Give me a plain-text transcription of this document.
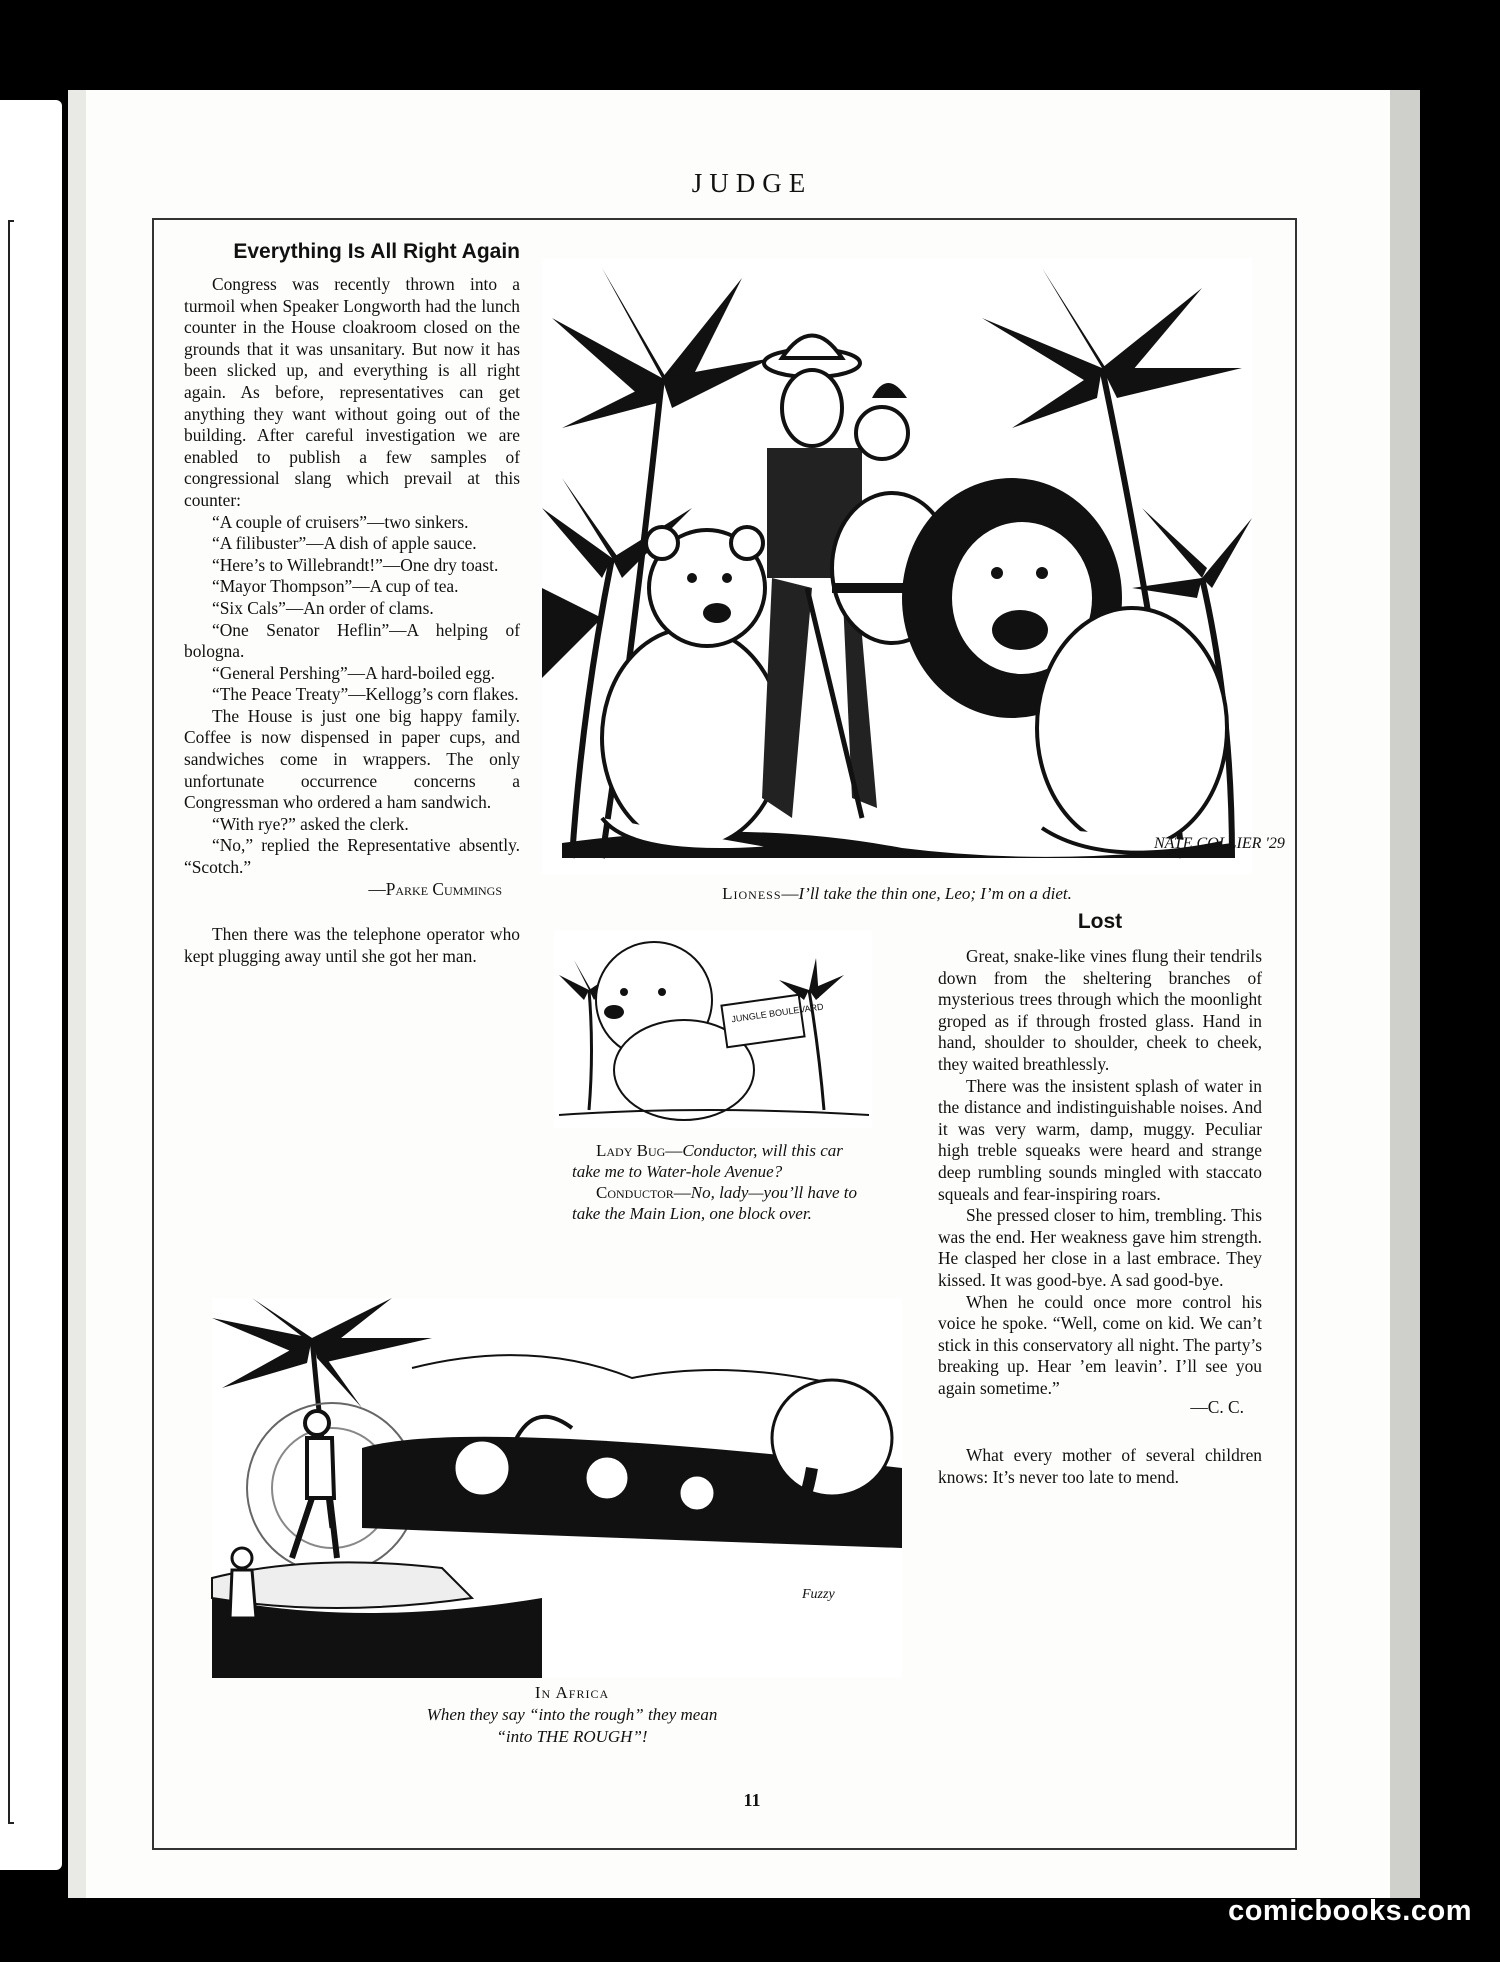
JUDGE
Everything Is All Right Again

Congress was recently thrown into a turmoil when Speaker Longworth had the lunch counter in the House cloakroom closed on the grounds that it was unsanitary. But now it has been slicked up, and everything is all right again. As before, representatives can get anything they want without going out of the building. After careful investigation we are enabled to publish a few samples of congressional slang which prevail at this counter:

“A couple of cruisers”—two sinkers.

“A filibuster”—A dish of apple sauce.

“Here’s to Willebrandt!”—One dry toast.

“Mayor Thompson”—A cup of tea.

“Six Cals”—An order of clams.

“One Senator Heflin”—A helping of bologna.

“General Pershing”—A hard-boiled egg.

“The Peace Treaty”—Kellogg’s corn flakes.

The House is just one big happy family. Coffee is now dispensed in paper cups, and sandwiches come in wrappers. The only unfortunate occurrence concerns a Congressman who ordered a ham sandwich.

“With rye?” asked the clerk.

“No,” replied the Representative absently. “Scotch.”

—Parke Cummings

Then there was the telephone operator who kept plugging away until she got her man.

NATE COLLIER '29
Lioness—I’ll take the thin one, Leo; I’m on a diet.
JUNGLE BOULEVARD

Lady Bug—Conductor, will this car take me to Water-hole Avenue?

Conductor—No, lady—you’ll have to take the Main Lion, one block over.

Lost

Great, snake-like vines flung their tendrils down from the sheltering branches of mysterious trees through which the moonlight groped as if through frosted glass. Hand in hand, shoulder to shoulder, cheek to cheek, they waited breathlessly.

There was the insistent splash of water in the distance and indistinguishable noises. And it was very warm, damp, muggy. Peculiar high treble squeaks were heard and strange deep rumbling sounds mingled with staccato squeals and fear-inspiring roars.

She pressed closer to him, trembling. This was the end. Her weakness gave him strength. He clasped her close in a last embrace. They kissed. It was good-bye. A sad good-bye.

When he could once more control his voice he spoke. “Well, come on kid. We can’t stick in this conservatory all night. The party’s breaking up. Hear ’em leavin’. I’ll see you again sometime.”

—C. C.

What every mother of several children knows: It’s never too late to mend.

Fuzzy
In Africa
When they say “into the rough” they mean
“into THE ROUGH”!
11
comicbooks.com
